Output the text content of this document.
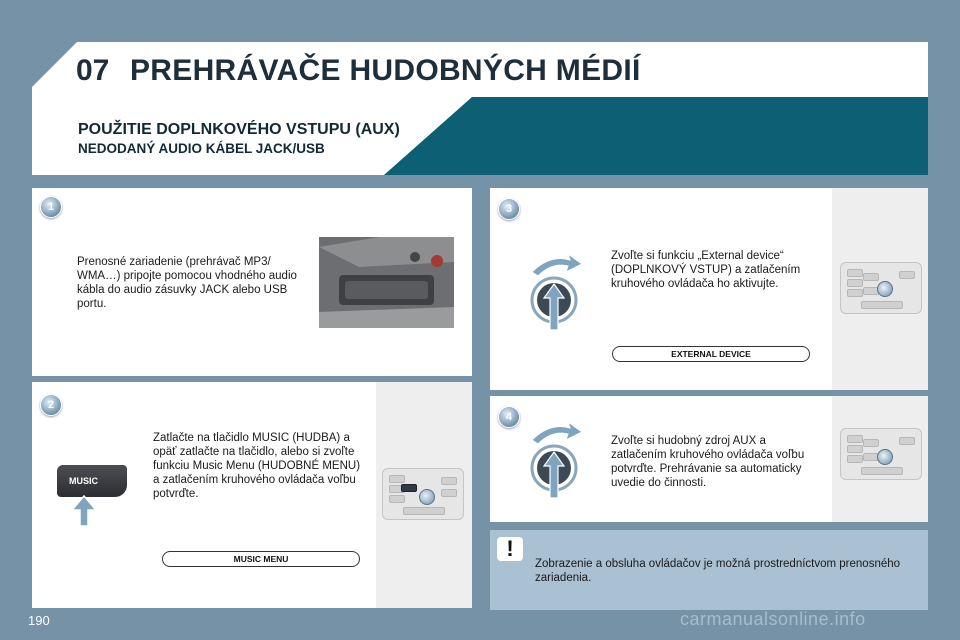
07 PREHRÁVAČE HUDOBNÝCH MÉDIÍ
POUŽITIE DOPLNKOVÉHO VSTUPU (AUX)
NEDODANÝ AUDIO KÁBEL JACK/USB
1
Prenosné zariadenie (prehrávač MP3/ WMA…) pripojte pomocou vhodného audio kábla do audio zásuvky JACK alebo USB portu.
2
Zatlačte na tlačidlo MUSIC (HUDBA) a opäť zatlačte na tlačidlo, alebo si zvoľte funkciu Music Menu (HUDOBNÉ MENU) a zatlačením kruhového ovládača voľbu potvrďte.
MUSIC
MUSIC MENU
3
Zvoľte si funkciu „External device“ (DOPLNKOVÝ VSTUP) a zatlačením kruhového ovládača ho aktivujte.
EXTERNAL DEVICE
4
Zvoľte si hudobný zdroj AUX a zatlačením kruhového ovládača voľbu potvrďte. Prehrávanie sa automaticky uvedie do činnosti.
!
Zobrazenie a obsluha ovládačov je možná prostredníctvom prenosného zariadenia.
190	carmanualsonline.info
